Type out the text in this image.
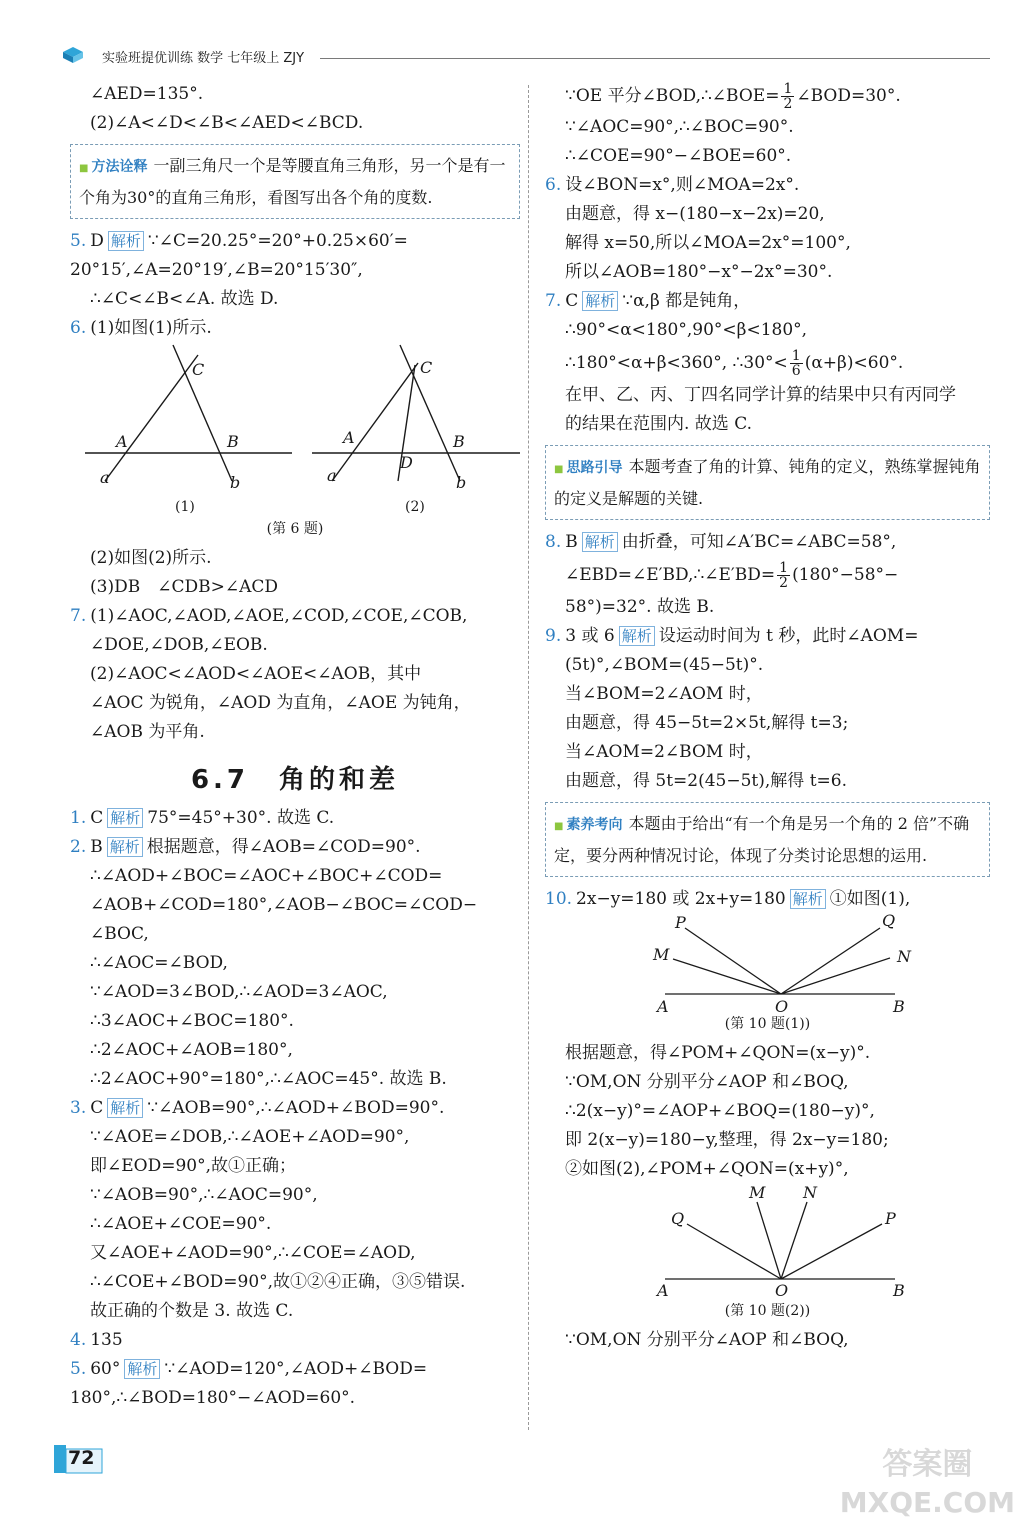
实验班提优训练 数学 七年级上 ZJY
∠AED=135°.
(2)∠A<∠D<∠B<∠AED<∠BCD.
■ 方法诠释 一副三角尺一个是等腰直角三角形，另一个是有一个角为30°的直角三角形，看图写出各个角的度数.
5. D 解析 ∵∠C=20.25°=20°+0.25×60′=
20°15′,∠A=20°19′,∠B=20°15′30″,
∴∠C<∠B<∠A. 故选 D.
6. (1)如图(1)所示.
C
A	B
a	b
(1)
C
A	B
D
a	b
(2)
(第 6 题)
(2)如图(2)所示.
(3)DB　∠CDB>∠ACD
7. (1)∠AOC,∠AOD,∠AOE,∠COD,∠COE,∠COB,
∠DOE,∠DOB,∠EOB.
(2)∠AOC<∠AOD<∠AOE<∠AOB，其中
∠AOC 为锐角，∠AOD 为直角，∠AOE 为钝角，
∠AOB 为平角.
6.7　角的和差
1. C 解析 75°=45°+30°. 故选 C.
2. B 解析 根据题意，得∠AOB=∠COD=90°.
∴∠AOD+∠BOC=∠AOC+∠BOC+∠COD=
∠AOB+∠COD=180°,∠AOB−∠BOC=∠COD−
∠BOC,
∴∠AOC=∠BOD,
∵∠AOD=3∠BOD,∴∠AOD=3∠AOC,
∴3∠AOC+∠BOC=180°.
∴2∠AOC+∠AOB=180°,
∴2∠AOC+90°=180°,∴∠AOC=45°. 故选 B.
3. C 解析 ∵∠AOB=90°,∴∠AOD+∠BOD=90°.
∵∠AOE=∠DOB,∴∠AOE+∠AOD=90°,
即∠EOD=90°,故①正确；
∵∠AOB=90°,∴∠AOC=90°,
∴∠AOE+∠COE=90°.
又∠AOE+∠AOD=90°,∴∠COE=∠AOD,
∴∠COE+∠BOD=90°,故①②④正确，③⑤错误.
故正确的个数是 3. 故选 C.
4. 135
5. 60° 解析 ∵∠AOD=120°,∠AOD+∠BOD=
180°,∴∠BOD=180°−∠AOD=60°.
∵OE 平分∠BOD,∴∠BOE= $\frac{1}{2}$ ∠BOD=30°.
∵∠AOC=90°,∴∠BOC=90°.
∴∠COE=90°−∠BOE=60°.
6. 设∠BON=x°,则∠MOA=2x°.
由题意，得 x−(180−x−2x)=20,
解得 x=50,所以∠MOA=2x°=100°,
所以∠AOB=180°−x°−2x°=30°.
7. C 解析 ∵α,β 都是钝角，
∴90°<α<180°,90°<β<180°,
∴180°<α+β<360°, ∴30°< $\frac{1}{6} (\alpha+\beta)<60^\circ$.
在甲、乙、丙、丁四名同学计算的结果中只有丙同学
的结果在范围内. 故选 C.
■ 思路引导 本题考查了角的计算、钝角的定义，熟练掌握钝角的定义是解题的关键.
8. B 解析 由折叠，可知∠A′BC=∠ABC=58°,
∠EBD=∠E′BD,∴∠E′BD= $\frac{1}{2} (180^\circ-58^\circ-$
58°)=32°. 故选 B.
9. 3 或 6 解析 设运动时间为 t 秒，此时∠AOM=
(5t)°,∠BOM=(45−5t)°.
当∠BOM=2∠AOM 时，
由题意，得 45−5t=2×5t,解得 t=3;
当∠AOM=2∠BOM 时，
由题意，得 5t=2(45−5t),解得 t=6.
■ 素养考向 本题由于给出“有一个角是另一个角的 2 倍”不确定，要分两种情况讨论，体现了分类讨论思想的运用.
10. 2x−y=180 或 2x+y=180 解析 ①如图(1),
P	Q
M	N
A	O	B
(第 10 题(1))
根据题意，得∠POM+∠QON=(x−y)°.
∵OM,ON 分别平分∠AOP 和∠BOQ,
∴2(x−y)°=∠AOP+∠BOQ=(180−y)°,
即 2(x−y)=180−y,整理，得 2x−y=180;
②如图(2),∠POM+∠QON=(x+y)°,
M N
Q	P
A	O	B
(第 10 题(2))
∵OM,ON 分别平分∠AOP 和∠BOQ,
72	答案圈
MXQE.COM
